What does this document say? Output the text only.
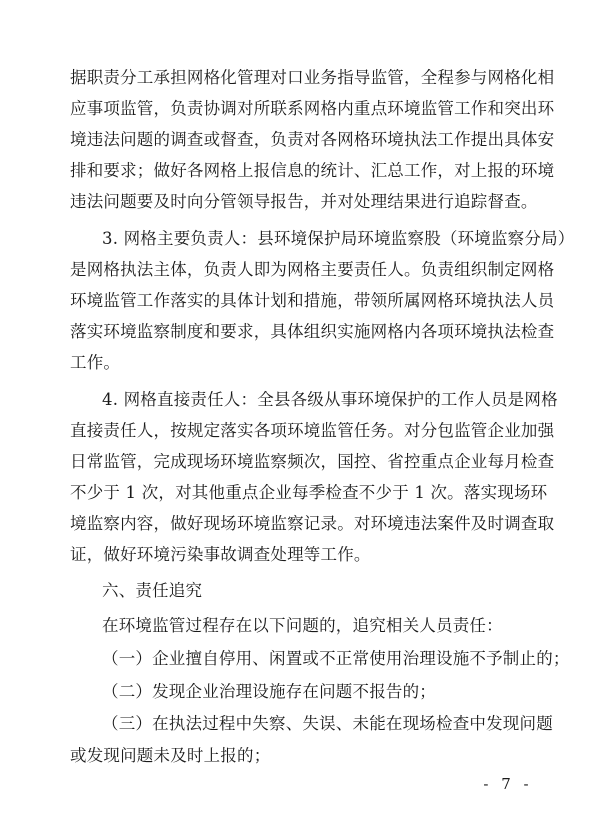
据职责分工承担网格化管理对口业务指导监管，全程参与网格化相
应事项监管，负责协调对所联系网格内重点环境监管工作和突出环
境违法问题的调查或督查，负责对各网格环境执法工作提出具体安
排和要求；做好各网格上报信息的统计、汇总工作，对上报的环境
违法问题要及时向分管领导报告，并对处理结果进行追踪督查。
3. 网格主要负责人：县环境保护局环境监察股（环境监察分局）
是网格执法主体，负责人即为网格主要责任人。负责组织制定网格
环境监管工作落实的具体计划和措施，带领所属网格环境执法人员
落实环境监察制度和要求，具体组织实施网格内各项环境执法检查
工作。
4. 网格直接责任人：全县各级从事环境保护的工作人员是网格
直接责任人，按规定落实各项环境监管任务。对分包监管企业加强
日常监管，完成现场环境监察频次，国控、省控重点企业每月检查
不少于 1 次，对其他重点企业每季检查不少于 1 次。落实现场环
境监察内容，做好现场环境监察记录。对环境违法案件及时调查取
证，做好环境污染事故调查处理等工作。
六、责任追究
在环境监管过程存在以下问题的，追究相关人员责任：
（一）企业擅自停用、闲置或不正常使用治理设施不予制止的；
（二）发现企业治理设施存在问题不报告的；
（三）在执法过程中失察、失误、未能在现场检查中发现问题
或发现问题未及时上报的；
- 7 -
